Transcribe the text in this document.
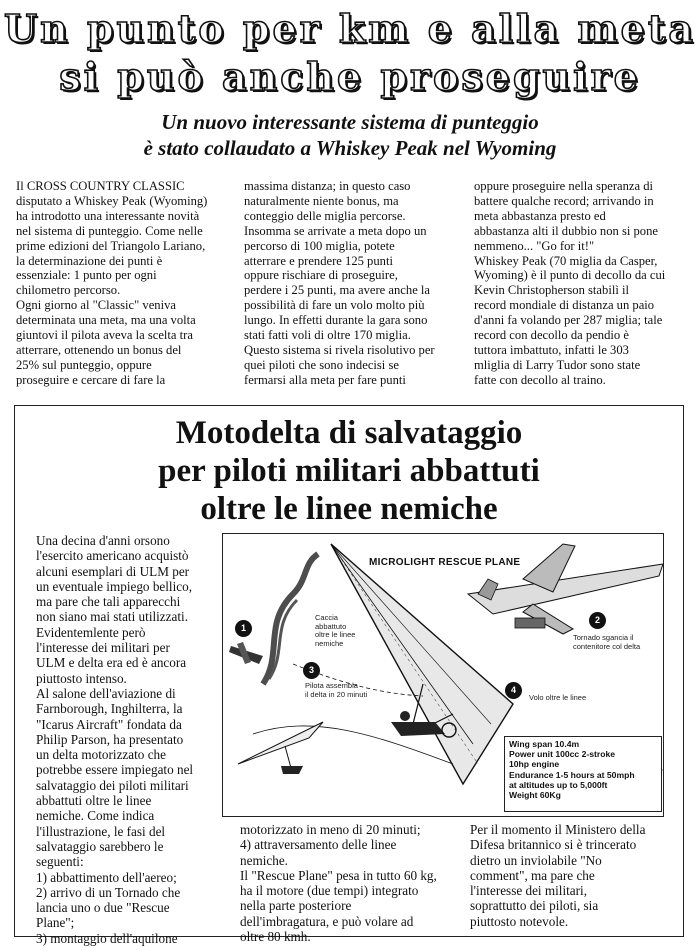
Un punto per km e alla meta
si può anche proseguire
Un nuovo interessante sistema di punteggio
è stato collaudato a Whiskey Peak nel Wyoming
Il CROSS COUNTRY CLASSIC
disputato a Whiskey Peak (Wyoming)
ha introdotto una interessante novità
nel sistema di punteggio. Come nelle
prime edizioni del Triangolo Lariano,
la determinazione dei punti è
essenziale: 1 punto per ogni
chilometro percorso.
Ogni giorno al "Classic" veniva
determinata una meta, ma una volta
giuntovi il pilota aveva la scelta tra
atterrare, ottenendo un bonus del
25% sul punteggio, oppure
proseguire e cercare di fare la
massima distanza; in questo caso
naturalmente niente bonus, ma
conteggio delle miglia percorse.
Insomma se arrivate a meta dopo un
percorso di 100 miglia, potete
atterrare e prendere 125 punti
oppure rischiare di proseguire,
perdere i 25 punti, ma avere anche la
possibilità di fare un volo molto più
lungo. In effetti durante la gara sono
stati fatti voli di oltre 170 miglia.
Questo sistema si rivela risolutivo per
quei piloti che sono indecisi se
fermarsi alla meta per fare punti
oppure proseguire nella speranza di
battere qualche record; arrivando in
meta abbastanza presto ed
abbastanza alti il dubbio non si pone
nemmeno... "Go for it!"
Whiskey Peak (70 miglia da Casper,
Wyoming) è il punto di decollo da cui
Kevin Christopherson stabilì il
record mondiale di distanza un paio
d'anni fa volando per 287 miglia; tale
record con decollo da pendio è
tuttora imbattuto, infatti le 303
mliglia di Larry Tudor sono state
fatte con decollo al traino.
Motodelta di salvataggio
per piloti militari abbattuti
oltre le linee nemiche
Una decina d'anni orsono
l'esercito americano acquistò
alcuni esemplari di ULM per
un eventuale impiego bellico,
ma pare che tali apparecchi
non siano mai stati utilizzati.
Evidentemlente però
l'interesse dei militari per
ULM e delta era ed è ancora
piuttosto intenso.
Al salone dell'aviazione di
Farnborough, Inghilterra, la
"Icarus Aircraft" fondata da
Philip Parson, ha presentato
un delta motorizzato che
potrebbe essere impiegato nel
salvataggio dei piloti militari
abbattuti oltre le linee
nemiche. Come indica
l'illustrazione, le fasi del
salvataggio sarebbero le
seguenti:
1) abbattimento dell'aereo;
2) arrivo di un Tornado che
lancia uno o due "Rescue
Plane";
3) montaggio dell'aquilone
motorizzato in meno di 20 minuti;
4) attraversamento delle linee
nemiche.
Il "Rescue Plane" pesa in tutto 60 kg,
ha il motore (due tempi) integrato
nella parte posteriore
dell'imbragatura, e può volare ad
oltre 80 kmh.
Per il momento il Ministero della
Difesa britannico si è trincerato
dietro un inviolabile "No
comment", ma pare che
l'interesse dei militari,
soprattutto dei piloti, sia
piuttosto notevole.
MICROLIGHT RESCUE PLANE
1
2
3
4
Caccia
abbattuto
oltre le linee
nemiche
Tornado sgancia il
contenitore col delta
Pilota assembla
il delta in 20 minuti	Volo oltre le linee
Wing span 10.4m
Power unit 100cc 2-stroke
10hp engine
Endurance 1-5 hours at 50mph
at altitudes up to 5,000ft
Weight 60Kg
